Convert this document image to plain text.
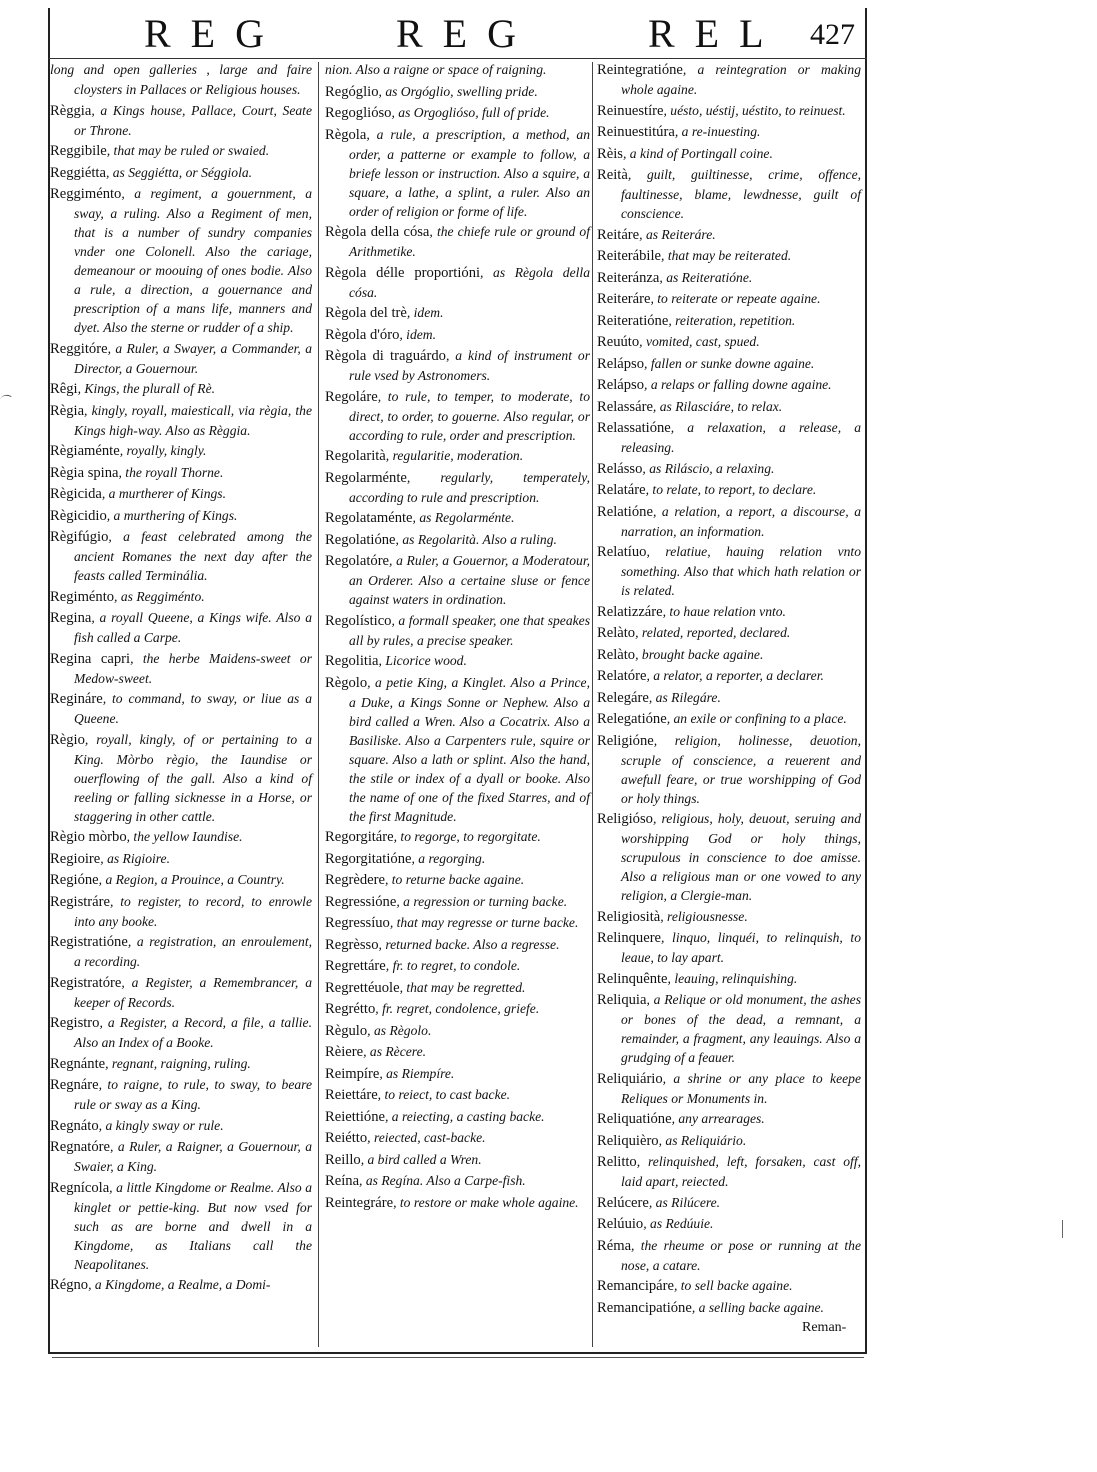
REG	REG	REL 427
long and open galleries , large and faire cloysters in Pallaces or Religious houses.
Règgia, a Kings house, Pallace, Court, Seate or Throne.
Reggibile, that may be ruled or swaied.
Reggiétta, as Seggiétta, or Séggiola.
Reggiménto, a regiment, a gouernment, a sway, a ruling. Also a Regiment of men, that is a number of sundry companies vnder one Colonell. Also the cariage, demeanour or moouing of ones bodie. Also a rule, a direction, a gouernance and prescription of a mans life, manners and dyet. Also the sterne or rudder of a ship.
Reggitóre, a Ruler, a Swayer, a Commander, a Director, a Gouernour.
Rêgi, Kings, the plurall of Rè.
Règia, kingly, royall, maiesticall, via règia, the Kings high-way. Also as Règgia.
Règiaménte, royally, kingly.
Règia spina, the royall Thorne.
Règicida, a murtherer of Kings.
Règicidio, a murthering of Kings.
Règifúgio, a feast celebrated among the ancient Romanes the next day after the feasts called Terminália.
Regiménto, as Reggiménto.
Regina, a royall Queene, a Kings wife. Also a fish called a Carpe.
Regina capri, the herbe Maidens-sweet or Medow-sweet.
Regináre, to command, to sway, or liue as a Queene.
Règio, royall, kingly, of or pertaining to a King. Mòrbo règio, the Iaundise or ouerflowing of the gall. Also a kind of reeling or falling sicknesse in a Horse, or staggering in other cattle.
Règio mòrbo, the yellow Iaundise.
Regioire, as Rigioire.
Regióne, a Region, a Prouince, a Country.
Registráre, to register, to record, to enrowle into any booke.
Registratióne, a registration, an enroulement, a recording.
Registratóre, a Register, a Remembrancer, a keeper of Records.
Registro, a Register, a Record, a file, a tallie. Also an Index of a Booke.
Regnánte, regnant, raigning, ruling.
Regnáre, to raigne, to rule, to sway, to beare rule or sway as a King.
Regnáto, a kingly sway or rule.
Regnatóre, a Ruler, a Raigner, a Gouernour, a Swaier, a King.
Regnícola, a little Kingdome or Realme. Also a kinglet or pettie-king. But now vsed for such as are borne and dwell in a Kingdome, as Italians call the Neapolitanes.
Régno, a Kingdome, a Realme, a Domi-
nion. Also a raigne or space of raigning.
Regóglio, as Orgóglio, swelling pride.
Regoglióso, as Orgoglióso, full of pride.
Règola, a rule, a prescription, a method, an order, a patterne or example to follow, a briefe lesson or instruction. Also a squire, a square, a lathe, a splint, a ruler. Also an order of religion or forme of life.
Règola della cósa, the chiefe rule or ground of Arithmetike.
Règola délle proportióni, as Règola della cósa.
Règola del trè, idem.
Règola d'óro, idem.
Règola di traguárdo, a kind of instrument or rule vsed by Astronomers.
Regoláre, to rule, to temper, to moderate, to direct, to order, to gouerne. Also regular, or according to rule, order and prescription.
Regolarità, regularitie, moderation.
Regolarménte, regularly, temperately, according to rule and prescription.
Regolataménte, as Regolarménte.
Regolatióne, as Regolarità. Also a ruling.
Regolatóre, a Ruler, a Gouernor, a Moderatour, an Orderer. Also a certaine sluse or fence against waters in ordination.
Regolístico, a formall speaker, one that speakes all by rules, a precise speaker.
Regolitia, Licorice wood.
Règolo, a petie King, a Kinglet. Also a Prince, a Duke, a Kings Sonne or Nephew. Also a bird called a Wren. Also a Cocatrix. Also a Basiliske. Also a Carpenters rule, squire or square. Also a lath or splint. Also the hand, the stile or index of a dyall or booke. Also the name of one of the fixed Starres, and of the first Magnitude.
Regorgitáre, to regorge, to regorgitate.
Regorgitatióne, a regorging.
Regrèdere, to returne backe againe.
Regressióne, a regression or turning backe.
Regressíuo, that may regresse or turne backe.
Regrèsso, returned backe. Also a regresse.
Regrettáre, fr. to regret, to condole.
Regrettéuole, that may be regretted.
Regrétto, fr. regret, condolence, griefe.
Règulo, as Règolo.
Rèiere, as Rècere.
Reimpíre, as Riempíre.
Reiettáre, to reiect, to cast backe.
Reiettióne, a reiecting, a casting backe.
Reiétto, reiected, cast-backe.
Reillo, a bird called a Wren.
Reína, as Regína. Also a Carpe-fish.
Reintegráre, to restore or make whole againe.
Reintegratióne, a reintegration or making whole againe.
Reinuestíre, uésto, uéstij, uéstito, to reinuest.
Reinuestitúra, a re-inuesting.
Rèis, a kind of Portingall coine.
Reità, guilt, guiltinesse, crime, offence, faultinesse, blame, lewdnesse, guilt of conscience.
Reitáre, as Reiteráre.
Reiterábile, that may be reiterated.
Reiteránza, as Reiteratióne.
Reiteráre, to reiterate or repeate againe.
Reiteratióne, reiteration, repetition.
Reuúto, vomited, cast, spued.
Relápso, fallen or sunke downe againe.
Relápso, a relaps or falling downe againe.
Relassáre, as Rilasciáre, to relax.
Relassatióne, a relaxation, a release, a releasing.
Relásso, as Riláscio, a relaxing.
Relatáre, to relate, to report, to declare.
Relatióne, a relation, a report, a discourse, a narration, an information.
Relatíuo, relatiue, hauing relation vnto something. Also that which hath relation or is related.
Relatizzáre, to haue relation vnto.
Relàto, related, reported, declared.
Relàto, brought backe againe.
Relatóre, a relator, a reporter, a declarer.
Relegáre, as Rilegáre.
Relegatióne, an exile or confining to a place.
Religióne, religion, holinesse, deuotion, scruple of conscience, a reuerent and awefull feare, or true worshipping of God or holy things.
Religióso, religious, holy, deuout, seruing and worshipping God or holy things, scrupulous in conscience to doe amisse. Also a religious man or one vowed to any religion, a Clergie-man.
Religiosità, religiousnesse.
Relinquere, linquo, linquéi, to relinquish, to leaue, to lay apart.
Relinquênte, leauing, relinquishing.
Reliquia, a Relique or old monument, the ashes or bones of the dead, a remnant, a remainder, a fragment, any leauings. Also a grudging of a feauer.
Reliquiário, a shrine or any place to keepe Reliques or Monuments in.
Reliquatióne, any arrearages.
Reliquièro, as Reliquiário.
Relitto, relinquished, left, forsaken, cast off, laid apart, reiected.
Relúcere, as Rilúcere.
Relúuio, as Redúuie.
Réma, the rheume or pose or running at the nose, a catare.
Remancipáre, to sell backe againe.
Remancipatióne, a selling backe againe.
Reman-
